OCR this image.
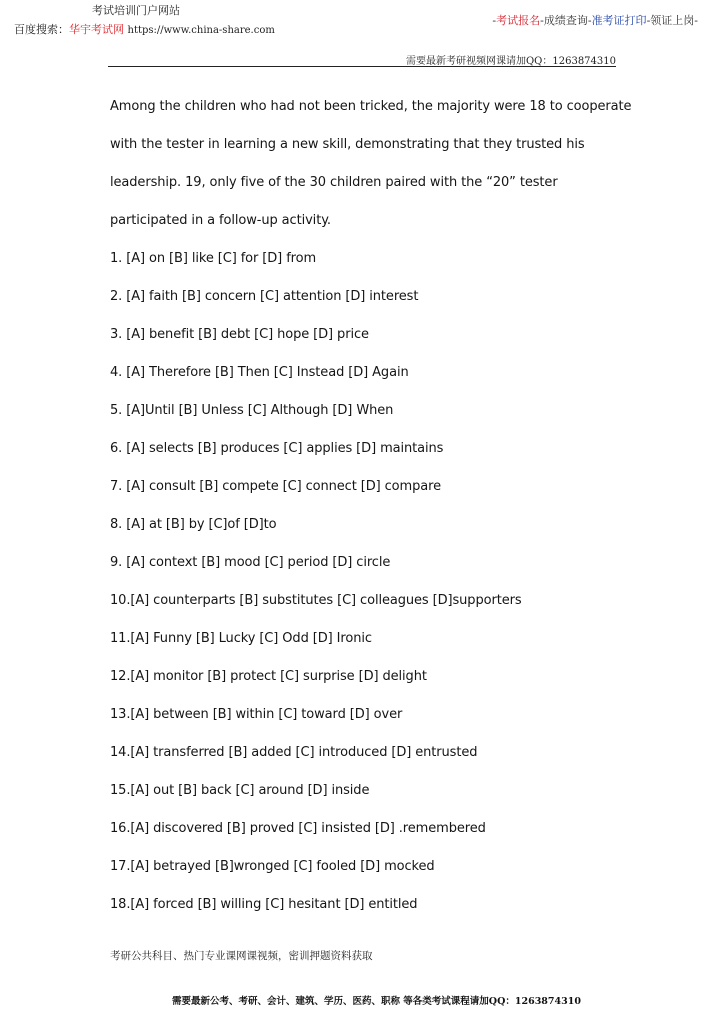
考试培训门户网站
百度搜索：华宇考试网 https://www.china-share.com
-考试报名-成绩查询-准考证打印-领证上岗-
需要最新考研视频网课请加QQ：1263874310
Among the children who had not been tricked, the majority were 18 to cooperate
with the tester in learning a new skill, demonstrating that they trusted his
leadership. 19, only five of the 30 children paired with the “20” tester
participated in a follow-up activity.
1. [A] on [B] like [C] for [D] from
2. [A] faith [B] concern [C] attention [D] interest
3. [A] benefit [B] debt [C] hope [D] price
4. [A] Therefore [B] Then [C] Instead [D] Again
5. [A]Until [B] Unless [C] Although [D] When
6. [A] selects [B] produces [C] applies [D] maintains
7. [A] consult [B] compete [C] connect [D] compare
8. [A] at [B] by [C]of [D]to
9. [A] context [B] mood [C] period [D] circle
10.[A] counterparts [B] substitutes [C] colleagues [D]supporters
11.[A] Funny [B] Lucky [C] Odd [D] Ironic
12.[A] monitor [B] protect [C] surprise [D] delight
13.[A] between [B] within [C] toward [D] over
14.[A] transferred [B] added [C] introduced [D] entrusted
15.[A] out [B] back [C] around [D] inside
16.[A] discovered [B] proved [C] insisted [D] .remembered
17.[A] betrayed [B]wronged [C] fooled [D] mocked
18.[A] forced [B] willing [C] hesitant [D] entitled
考研公共科目、热门专业课网课视频，密训押题资料获取
需要最新公考、考研、会计、建筑、学历、医药、职称 等各类考试课程请加QQ：1263874310
